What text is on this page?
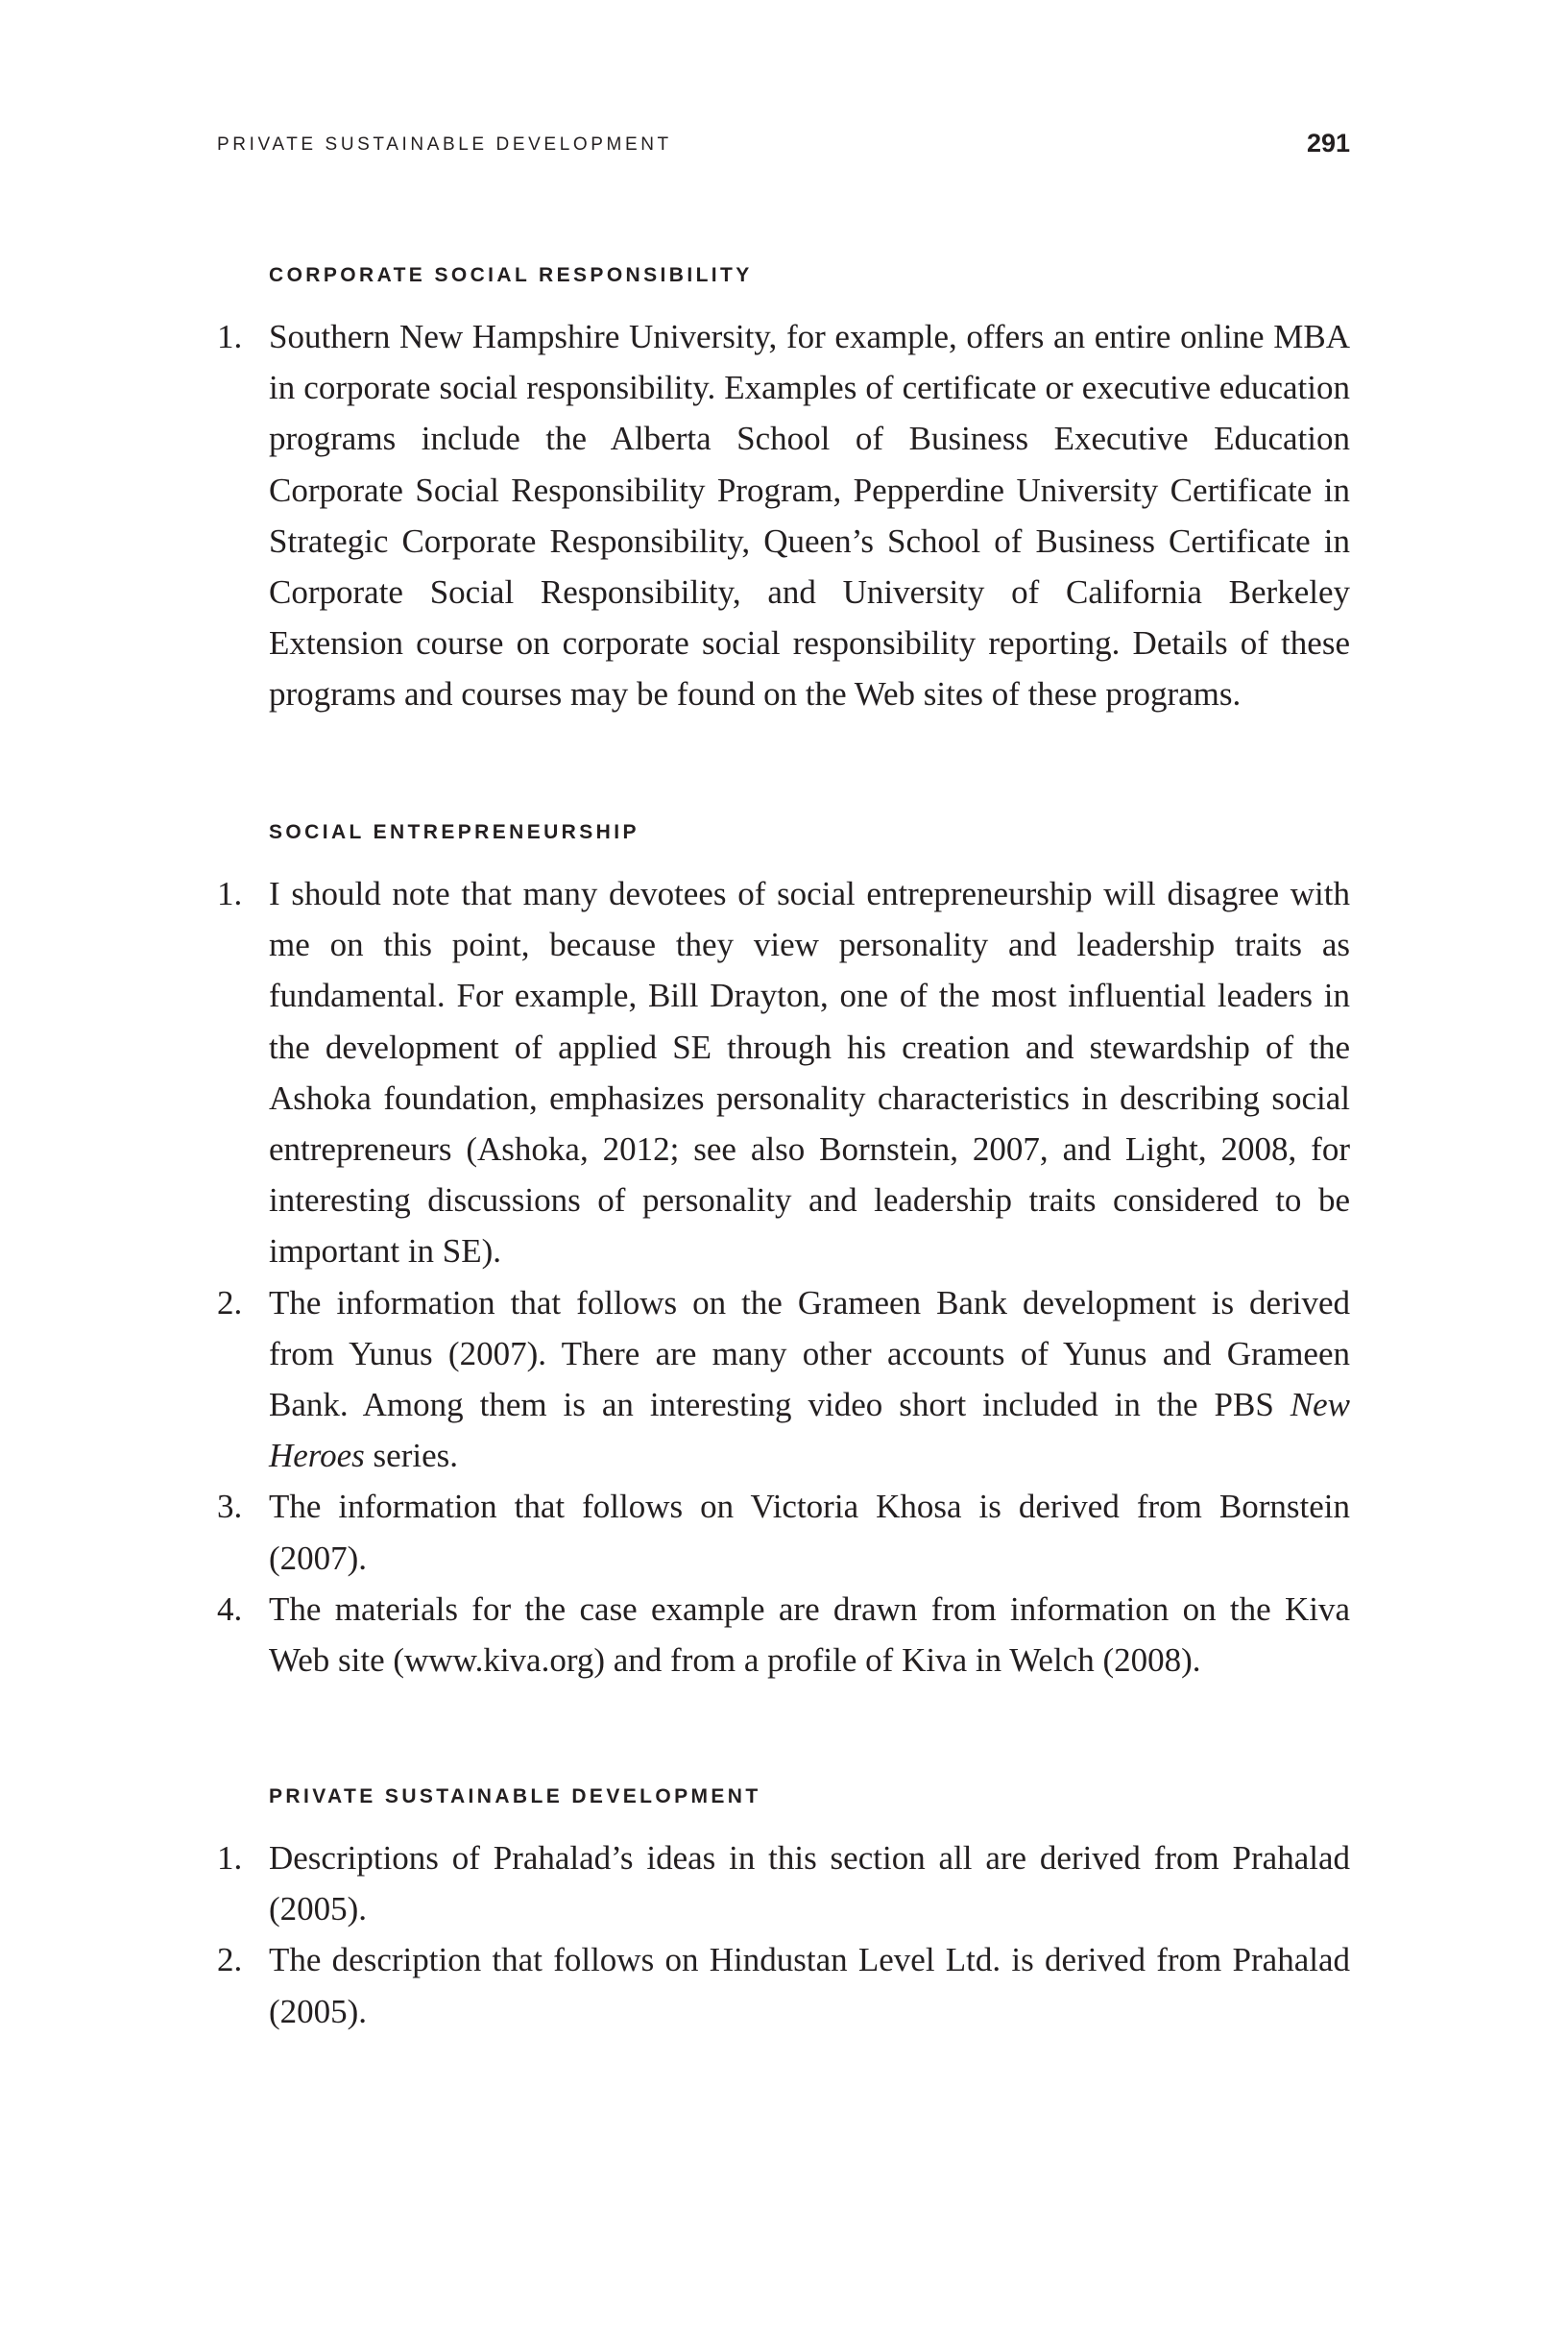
PRIVATE SUSTAINABLE DEVELOPMENT	291
CORPORATE SOCIAL RESPONSIBILITY
1. Southern New Hampshire University, for example, offers an entire online MBA in corporate social responsibility. Examples of certificate or executive education programs include the Alberta School of Business Executive Education Corporate Social Responsibility Program, Pepperdine University Certificate in Strategic Corporate Responsibility, Queen’s School of Business Certificate in Corporate Social Responsibility, and University of California Berkeley Extension course on corporate social responsibility reporting. Details of these programs and courses may be found on the Web sites of these programs.
SOCIAL ENTREPRENEURSHIP
1. I should note that many devotees of social entrepreneurship will disagree with me on this point, because they view personality and leadership traits as fundamental. For example, Bill Drayton, one of the most influential leaders in the development of applied SE through his creation and stewardship of the Ashoka foundation, emphasizes personality characteristics in describing social entrepreneurs (Ashoka, 2012; see also Bornstein, 2007, and Light, 2008, for interesting discussions of personality and leadership traits considered to be important in SE).
2. The information that follows on the Grameen Bank development is derived from Yunus (2007). There are many other accounts of Yunus and Grameen Bank. Among them is an interesting video short included in the PBS New Heroes series.
3. The information that follows on Victoria Khosa is derived from Bornstein (2007).
4. The materials for the case example are drawn from information on the Kiva Web site (www.kiva.org) and from a profile of Kiva in Welch (2008).
PRIVATE SUSTAINABLE DEVELOPMENT
1. Descriptions of Prahalad’s ideas in this section all are derived from Prahalad (2005).
2. The description that follows on Hindustan Level Ltd. is derived from Prahalad (2005).
